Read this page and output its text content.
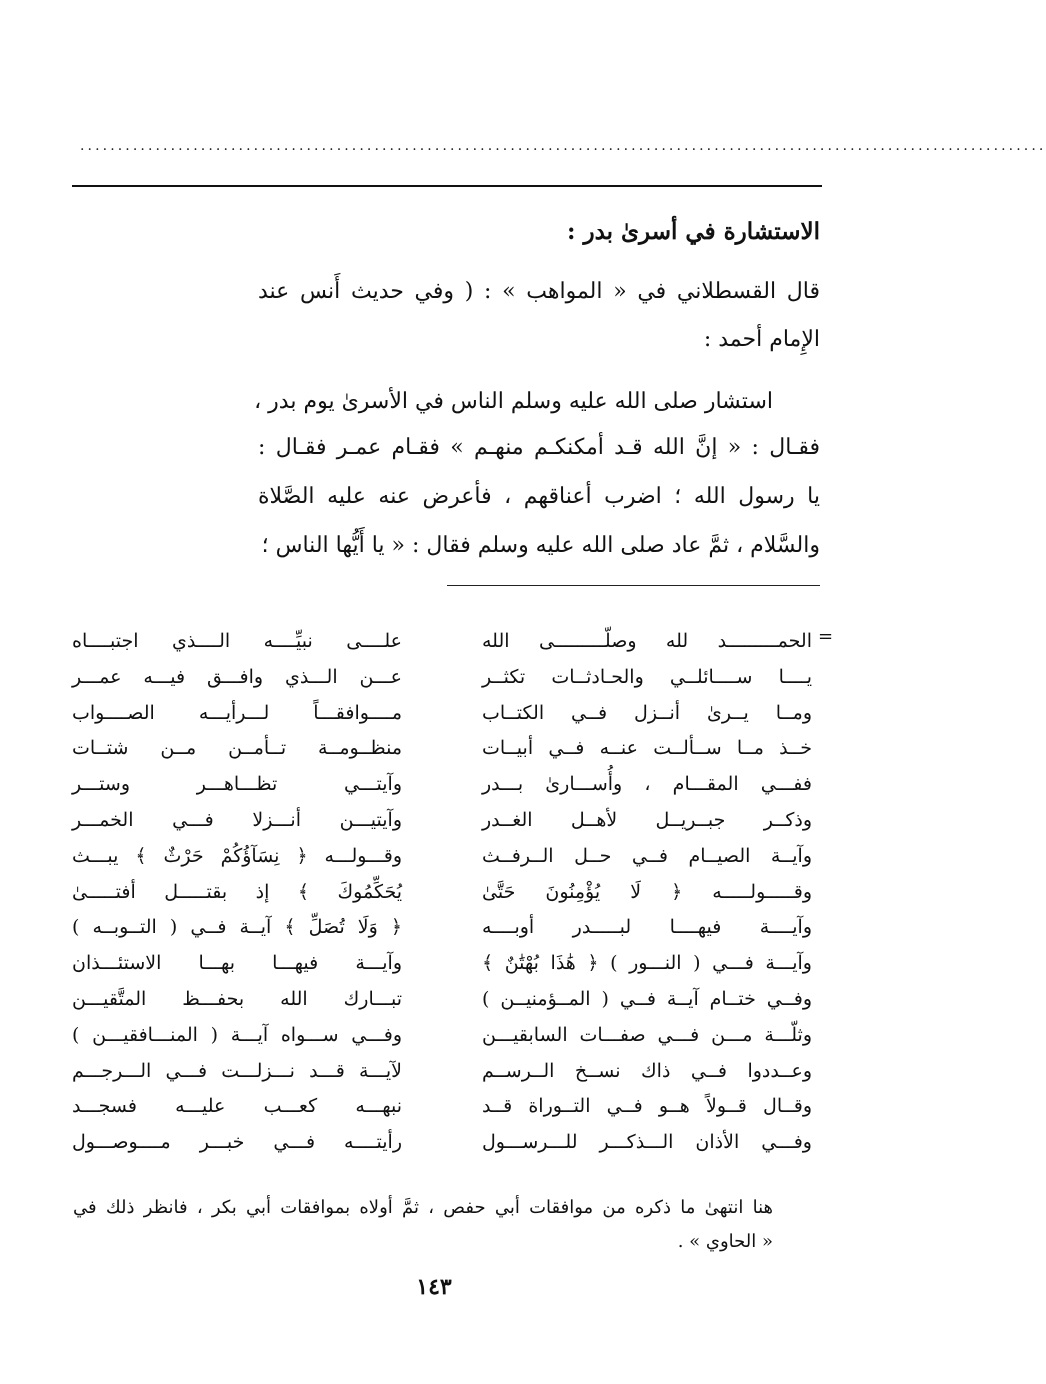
................................................................................................................................
الاستشارة في أسرىٰ بدر :
قال القسطلاني في « المواهب » : ( وفي حديث أَنس عند
الإِمام أحمد :
استشار صلى الله عليه وسلم الناس في الأسرىٰ يوم بدر ،
فقـال : « إنَّ الله قـد أمكنكـم منهـم » فقـام عمـر فقـال :
يا رسول الله ؛ اضرب أعناقهم ، فأعرض عنه عليه الصَّلاة
والسَّلام ، ثمَّ عاد صلى الله عليه وسلم فقال : « يا أَيُّها الناس ؛
=
الحمـــــــــد لله وصلّـــــــــى الله
علــــى نبيِّــــه الــــذي اجتبــــاه
يــــا ســــائلــي والحـادثــات تكثــر
عـــن الـــذي وافـــق فيـــه عمـــر
ومــا يــرىٰ أنــزل فــي الكتــاب
مــــوافقـــاً لـــرأيـــه الصــــواب
خــذ مــا ســألــت عنــه فــي أبيــات
منظــومــة تــأمــن مــن شتــات
ففـــي المقـــام ، وأُســـارىٰ بـــدر
وآيتـــي تظـــاهـــر وستـــر
وذكــر جبــريــل لأهــل الغــدر
وآيتيـــن أنـــزلا فـــي الخمـــر
وآيــة الصيــام فــي حــل الــرفــث
وقـــولـــه ﴿ نِسَآؤُكُمْ حَرْثٌ ﴾ يبـــث
وقـــــولـــــه ﴿ لَا يُؤْمِنُونَ حَتَّىٰ
يُحَكِّمُوكَ ﴾ إذ بقتـــــل أفتـــــىٰ
وآيــــة فيهــــا لبـــــدر أوبــــه
﴿ وَلَا تُصَلِّ ﴾ آيــة فــي ( التــوبــه )
وآيـــة فـــي ( النـــور ) ﴿ هَٰذَا بُهْتَٰنٌ ﴾
وآيـــة فيهـــا بهـــا الاستئـــذان
وفــي ختــام آيــة فــي ( المــؤمنيــن )
تبـــارك الله بحفـــظ المتَّقيـــن
وثلّـــة مـــن فـــي صفـــات السابقيـــن
وفـــي ســـواه آيـــة ( المنـــافقيـــن )
وعــددوا فــي ذاك نســخ الــرســم
لآيـــة قـــد نـــزلـــت فـــي الـــرجـــم
وقــال قــولاً هــو فــي التــوراة قــد
نبهـــه كعـــب عليـــه فسجـــد
وفـــي الأذان الـــذكـــر للـــرســـول
رأيتــــه فـــي خبـــر مــــوصـــول
هنا انتهىٰ ما ذكره من موافقات أبي حفص ، ثمَّ أولاه بموافقات أبي بكر ، فانظر ذلك في
« الحاوي » .
١٤٣
